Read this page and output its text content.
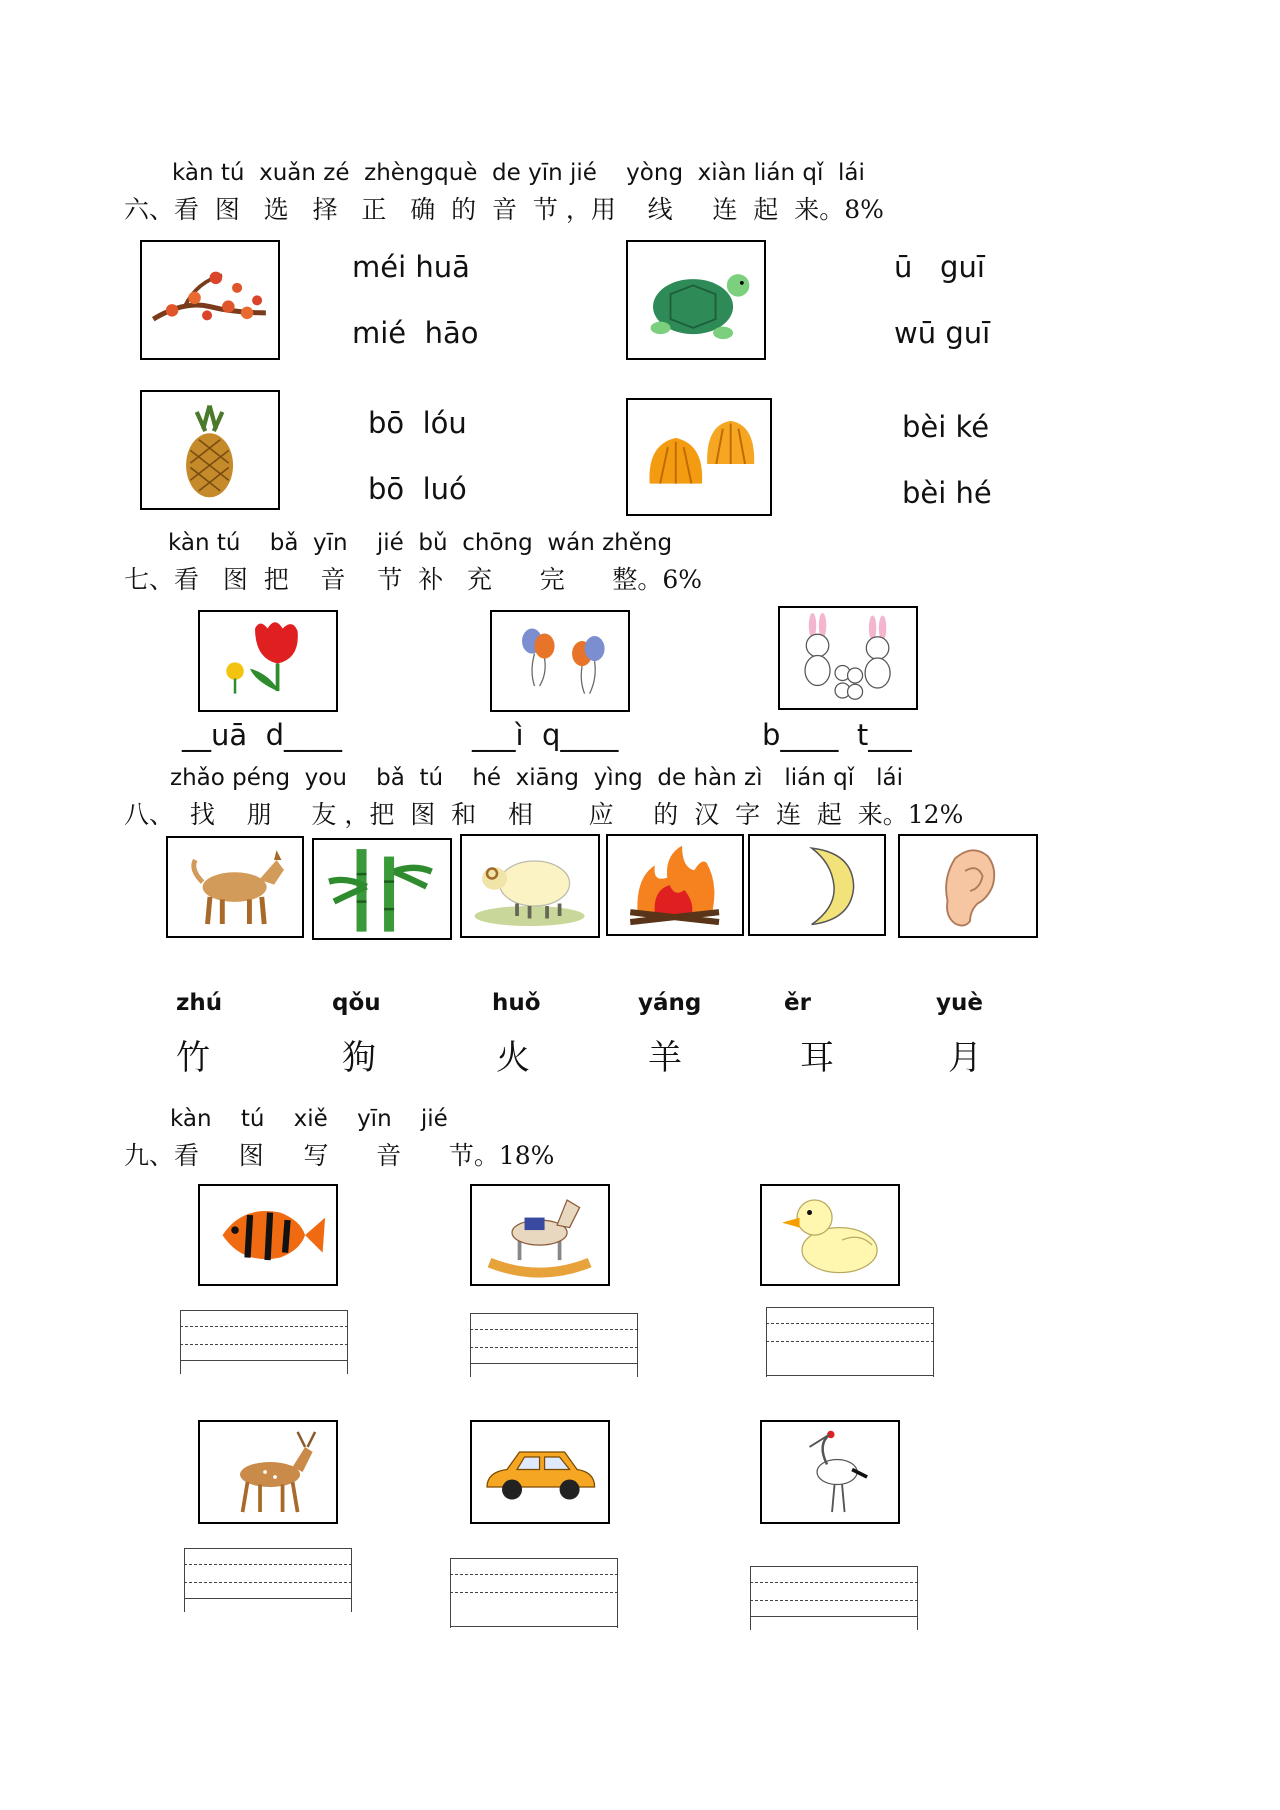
kàn tú  xuǎn zé  zhèngquè  de yīn jié    yòng  xiàn lián qǐ  lái
六、看  图   选   择   正   确  的  音  节 ，用    线     连  起  来。8%
méi huā
mié  hāo
ū   guī
wū guī
bō  lóu
bō  luó
bèi ké
bèi hé
kàn tú    bǎ  yīn    jié  bǔ  chōng  wán zhěng
七、看   图  把    音    节  补   充      完      整。6%
__uā  d____	___ì  q____	b____  t___
zhǎo péng  you    bǎ  tú    hé  xiāng  yìng  de hàn zì   lián qǐ   lái
八、  找    朋     友 ，把  图  和    相       应     的  汉  字  连  起  来。12%
zhú
竹
qǒu
狗
huǒ
火
yáng
羊
ěr
耳
yuè
月
kàn    tú    xiě    yīn    jié
九、看     图     写      音      节。18%
